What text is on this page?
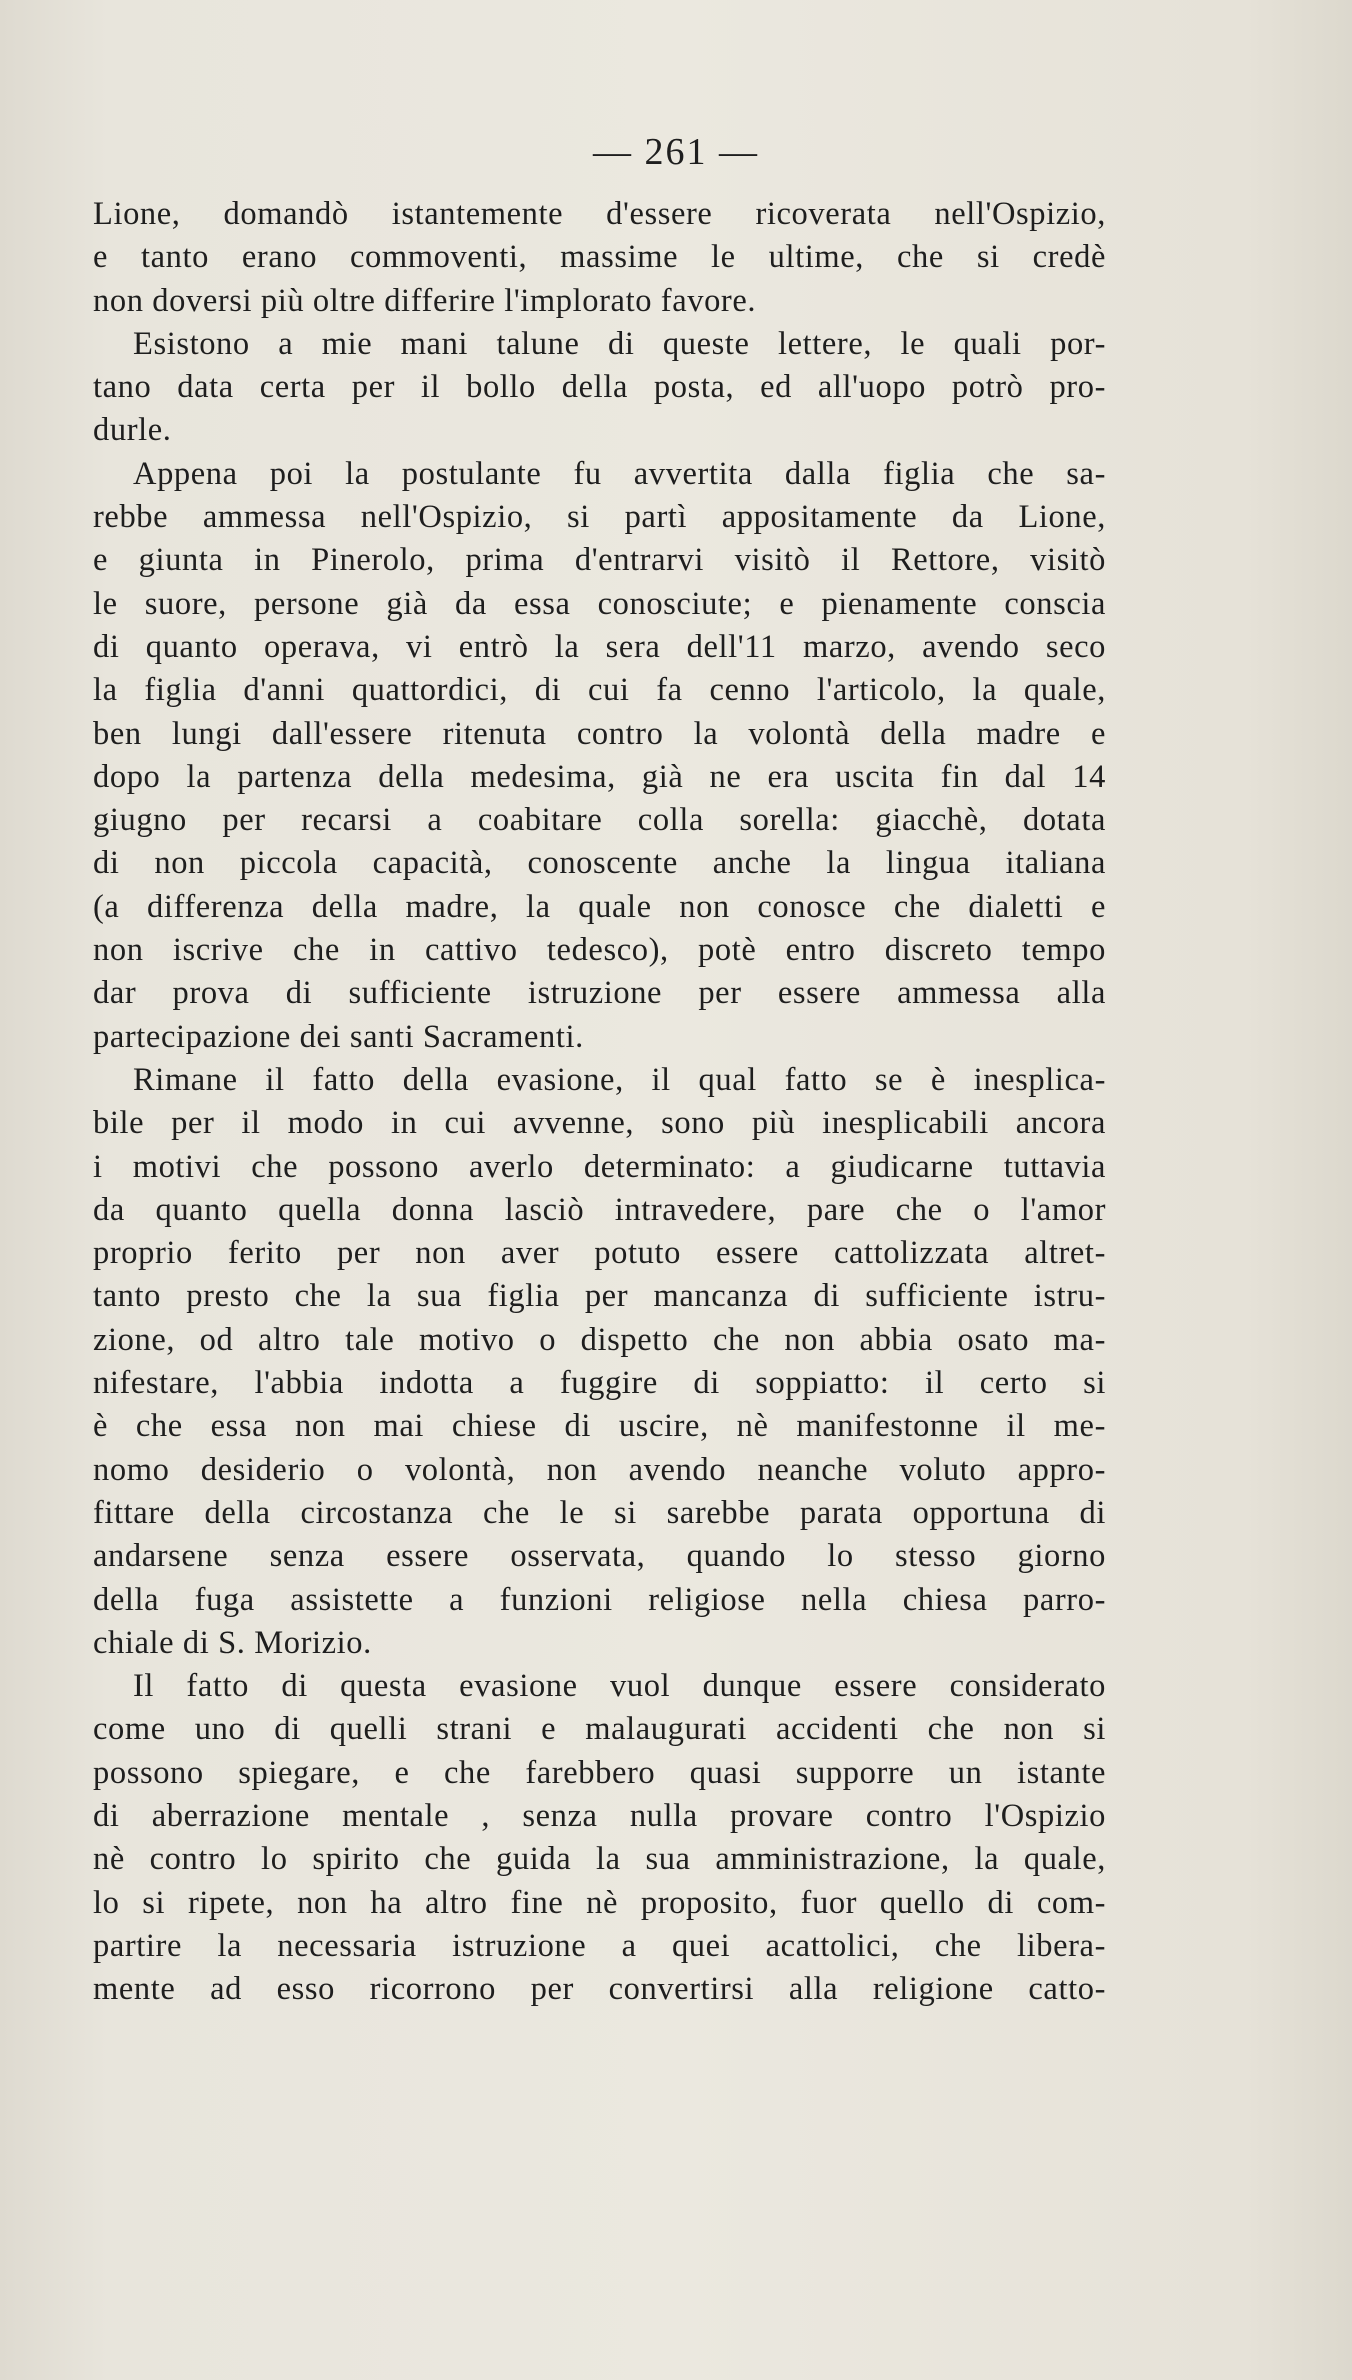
— 261 —
Lione, domandò istantemente d'essere ricoverata nell'Ospizio,
e tanto erano commoventi, massime le ultime, che si credè
non doversi più oltre differire l'implorato favore.
Esistono a mie mani talune di queste lettere, le quali por-
tano data certa per il bollo della posta, ed all'uopo potrò pro-
durle.
Appena poi la postulante fu avvertita dalla figlia che sa-
rebbe ammessa nell'Ospizio, si partì appositamente da Lione,
e giunta in Pinerolo, prima d'entrarvi visitò il Rettore, visitò
le suore, persone già da essa conosciute; e pienamente conscia
di quanto operava, vi entrò la sera dell'11 marzo, avendo seco
la figlia d'anni quattordici, di cui fa cenno l'articolo, la quale,
ben lungi dall'essere ritenuta contro la volontà della madre e
dopo la partenza della medesima, già ne era uscita fin dal 14
giugno per recarsi a coabitare colla sorella: giacchè, dotata
di non piccola capacità, conoscente anche la lingua italiana
(a differenza della madre, la quale non conosce che dialetti e
non iscrive che in cattivo tedesco), potè entro discreto tempo
dar prova di sufficiente istruzione per essere ammessa alla
partecipazione dei santi Sacramenti.
Rimane il fatto della evasione, il qual fatto se è inesplica-
bile per il modo in cui avvenne, sono più inesplicabili ancora
i motivi che possono averlo determinato: a giudicarne tuttavia
da quanto quella donna lasciò intravedere, pare che o l'amor
proprio ferito per non aver potuto essere cattolizzata altret-
tanto presto che la sua figlia per mancanza di sufficiente istru-
zione, od altro tale motivo o dispetto che non abbia osato ma-
nifestare, l'abbia indotta a fuggire di soppiatto: il certo si
è che essa non mai chiese di uscire, nè manifestonne il me-
nomo desiderio o volontà, non avendo neanche voluto appro-
fittare della circostanza che le si sarebbe parata opportuna di
andarsene senza essere osservata, quando lo stesso giorno
della fuga assistette a funzioni religiose nella chiesa parro-
chiale di S. Morizio.
Il fatto di questa evasione vuol dunque essere considerato
come uno di quelli strani e malaugurati accidenti che non si
possono spiegare, e che farebbero quasi supporre un istante
di aberrazione mentale , senza nulla provare contro l'Ospizio
nè contro lo spirito che guida la sua amministrazione, la quale,
lo si ripete, non ha altro fine nè proposito, fuor quello di com-
partire la necessaria istruzione a quei acattolici, che libera-
mente ad esso ricorrono per convertirsi alla religione catto-
